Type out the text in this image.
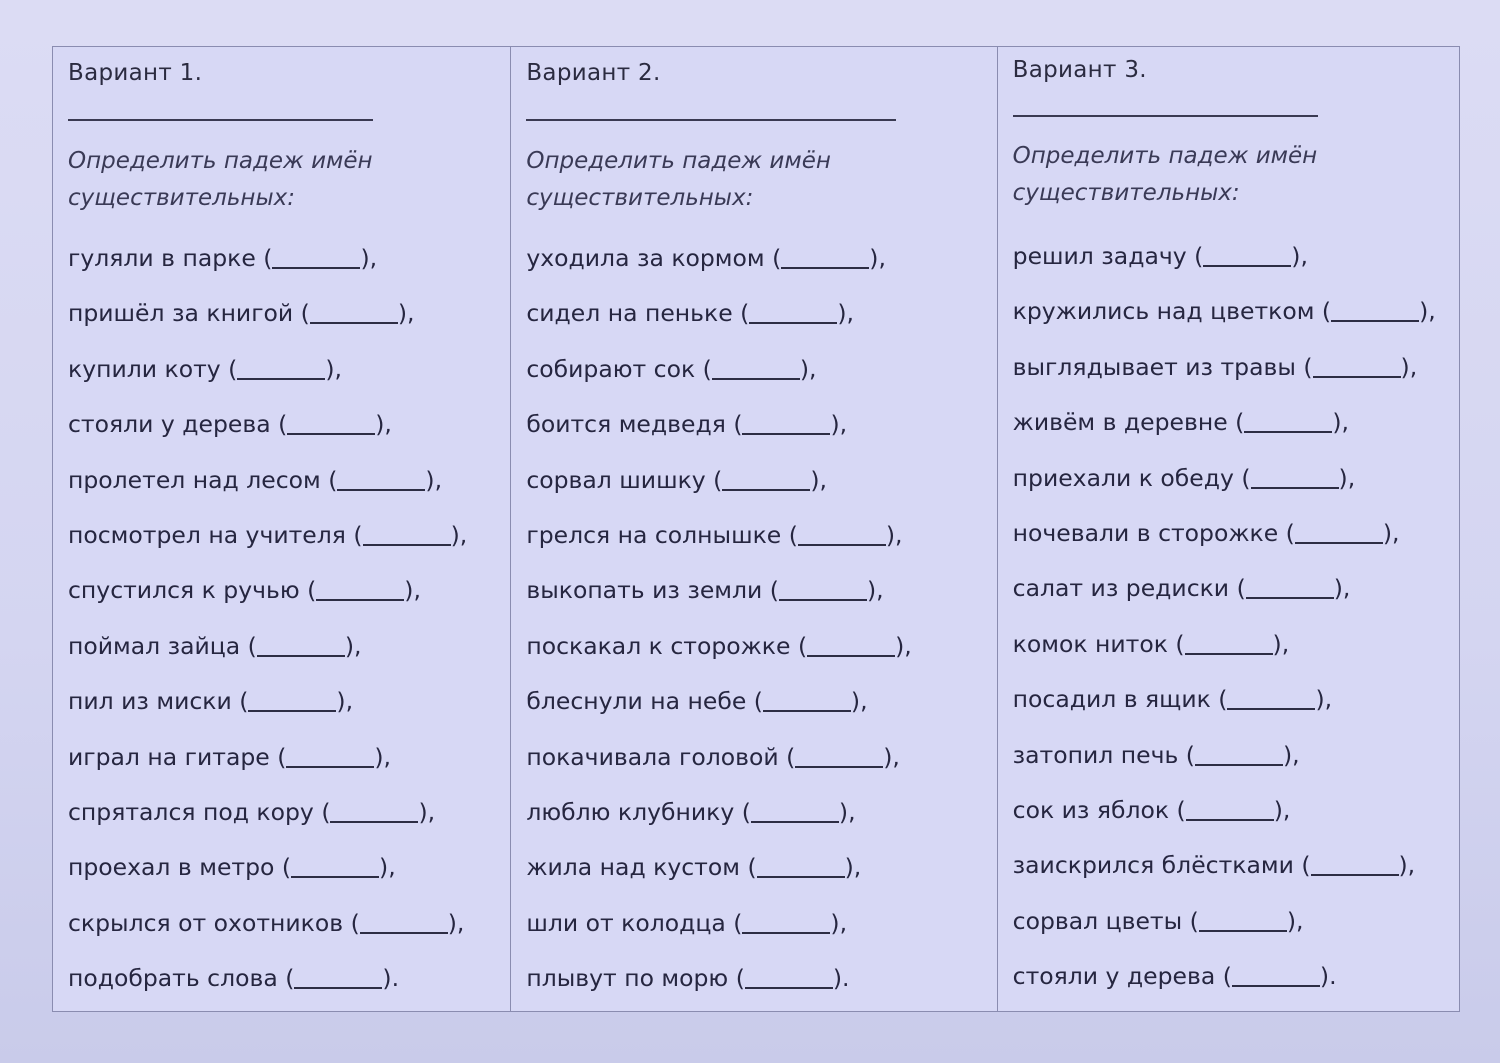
Вариант 1.
Определить падеж имён
существительных:
гуляли в парке (	),
пришёл за книгой (	),
купили коту (	),
стояли у дерева (	),
пролетел над лесом (	),
посмотрел на учителя (	),
спустился к ручью (	),
поймал зайца (	),
пил из миски (	),
играл на гитаре (	),
спрятался под кору (	),
проехал в метро (	),
скрылся от охотников (	),
подобрать слова (	).
Вариант 2.
Определить падеж имён
существительных:
уходила за кормом (	),
сидел на пеньке (	),
собирают сок (	),
боится медведя (	),
сорвал шишку (	),
грелся на солнышке (	),
выкопать из земли (	),
поскакал к сторожке (	),
блеснули на небе (	),
покачивала головой (	),
люблю клубнику (	),
жила над кустом (	),
шли от колодца (	),
плывут по морю (	).
Вариант 3.
Определить падеж имён
существительных:
решил задачу (	),
кружились над цветком (	),
выглядывает из травы (	),
живём в деревне (	),
приехали к обеду (	),
ночевали в сторожке (	),
салат из редиски (	),
комок ниток (	),
посадил в ящик (	),
затопил печь (	),
сок из яблок (	),
заискрился блёстками (	),
сорвал цветы (	),
стояли у дерева (	).
